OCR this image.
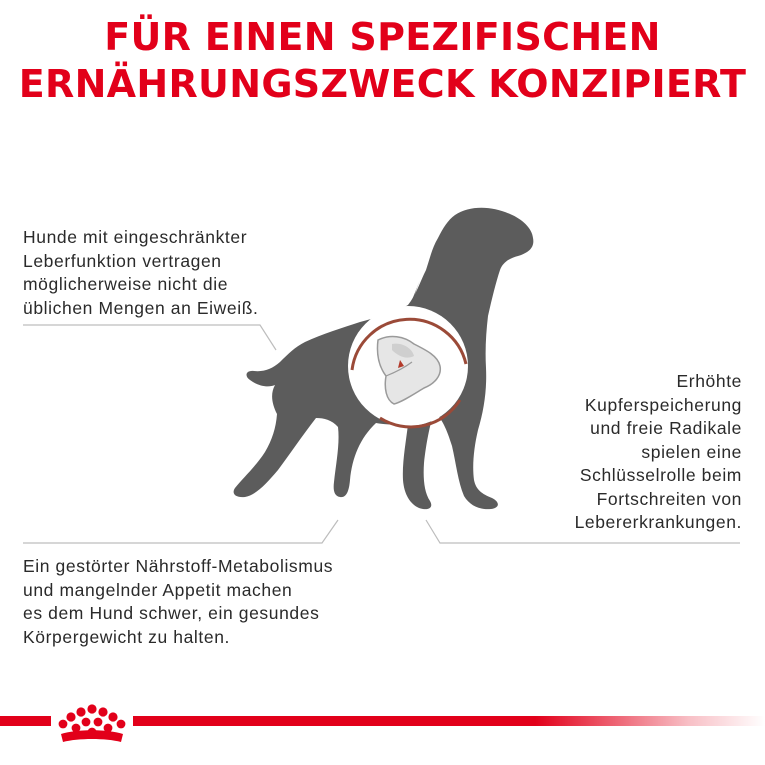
FÜR EINEN SPEZIFISCHEN
ERNÄHRUNGSZWECK KONZIPIERT
Hunde mit eingeschränkter
Leberfunktion vertragen
möglicherweise nicht die
üblichen Mengen an Eiweiß.
Erhöhte
Kupferspeicherung
und freie Radikale
spielen eine
Schlüsselrolle beim
Fortschreiten von
Lebererkrankungen.
Ein gestörter Nährstoff-Metabolismus
und mangelnder Appetit machen
es dem Hund schwer, ein gesundes
Körpergewicht zu halten.
